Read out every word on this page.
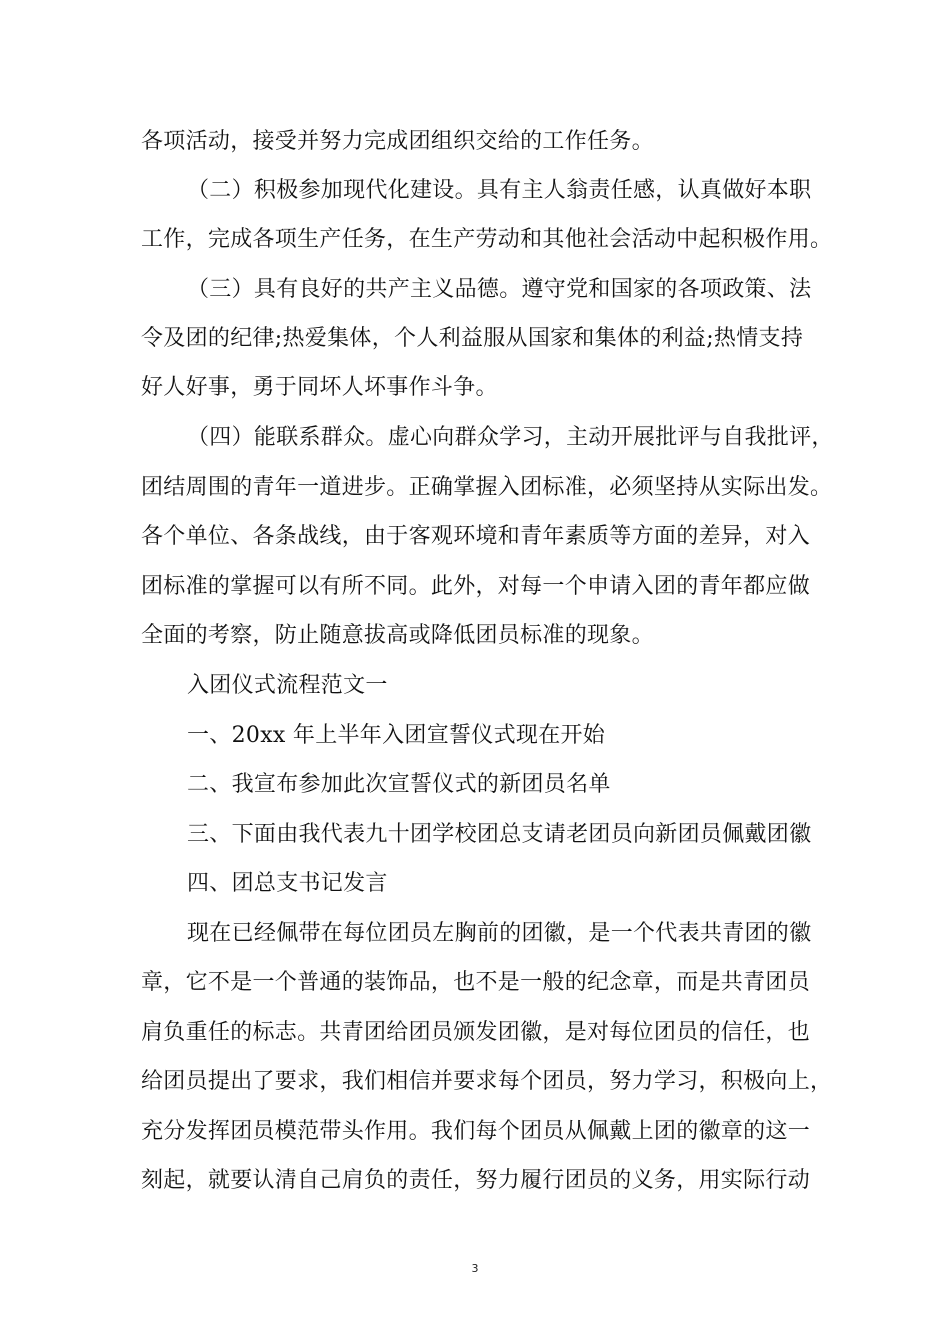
各项活动，接受并努力完成团组织交给的工作任务。
（二）积极参加现代化建设。具有主人翁责任感，认真做好本职
工作，完成各项生产任务，在生产劳动和其他社会活动中起积极作用。
（三）具有良好的共产主义品德。遵守党和国家的各项政策、法
令及团的纪律;热爱集体，个人利益服从国家和集体的利益;热情支持
好人好事，勇于同坏人坏事作斗争。
（四）能联系群众。虚心向群众学习，主动开展批评与自我批评，
团结周围的青年一道进步。正确掌握入团标准，必须坚持从实际出发。
各个单位、各条战线，由于客观环境和青年素质等方面的差异，对入
团标准的掌握可以有所不同。此外，对每一个申请入团的青年都应做
全面的考察，防止随意拔高或降低团员标准的现象。
入团仪式流程范文一
一、20xx 年上半年入团宣誓仪式现在开始
二、我宣布参加此次宣誓仪式的新团员名单
三、下面由我代表九十团学校团总支请老团员向新团员佩戴团徽
四、团总支书记发言
现在已经佩带在每位团员左胸前的团徽，是一个代表共青团的徽
章，它不是一个普通的装饰品，也不是一般的纪念章，而是共青团员
肩负重任的标志。共青团给团员颁发团徽，是对每位团员的信任，也
给团员提出了要求，我们相信并要求每个团员，努力学习，积极向上，
充分发挥团员模范带头作用。我们每个团员从佩戴上团的徽章的这一
刻起，就要认清自己肩负的责任，努力履行团员的义务，用实际行动
3
